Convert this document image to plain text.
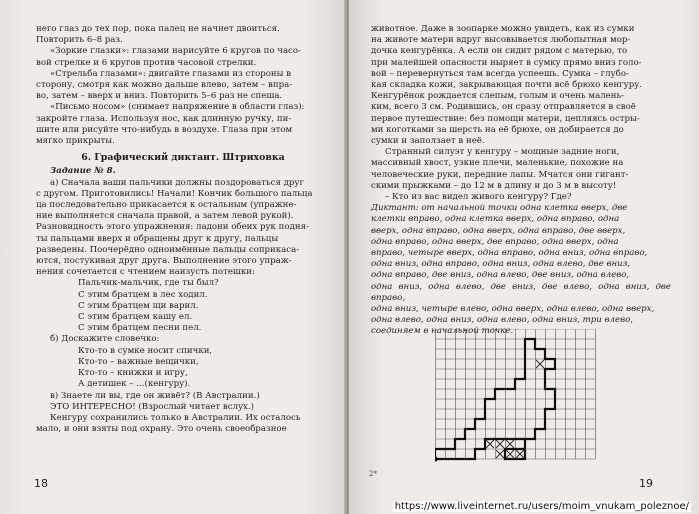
него глаз до тех пор, пока палец не начнет двоиться.

Повторить 6–8 раз.

«Зоркие глазки»: глазами нарисуйте 6 кругов по часо-

вой стрелке и 6 кругов против часовой стрелки.

«Стрельба глазами»: двигайте глазами из стороны в

сторону, смотря как можно дальше влево, затем – впра-

во, затем – вверх и вниз. Повторить 5–6 раз не спеша.

«Письмо носом» (снимает напряжение в области глаз):

закройте глаза. Используя нос, как длинную ручку, пи-

шите или рисуйте что-нибудь в воздухе. Глаза при этом

мягко прикрыты.

6. Графический диктант. Штриховка

Задание № 8.

а) Сначала ваши пальчики должны поздороваться друг

с другом. Приготовились! Начали! Кончик большого пальца

ца последовательно прикасается к остальным (упражне-

ние выполняется сначала правой, а затем левой рукой).

Разновидность этого упражнения: ладони обеих рук подня-

ты пальцами вверх и обращены друг к другу, пальцы

разведены. Поочерёдно одноимённые пальцы соприкаса-

ются, постукивая друг друга. Выполнение этого упраж-

нения сочетается с чтением наизусть потешки:

Пальчик-мальчик, где ты был?

С этим братцем в лес ходил.

С этим братцем щи варил.

С этим братцем кашу ел.

С этим братцем песни пел.

б) Доскажите словечко:

Кто-то в сумке носит спички,

Кто-то – важные вещички,

Кто-то – книжки и игру,

А детишек – ...(кенгуру).

в) Знаете ли вы, где он живёт? (В Австралии.)

ЭТО ИНТЕРЕСНО! (Взрослый читает вслух.)

Кенгуру сохранились только в Австралии. Их осталось

мало, и они взяты под охрану. Это очень своеобразное

18

животное. Даже в зоопарке можно увидеть, как из сумки

на животе матери вдруг высовывается любопытная мор-

дочка кенгурёнка. А если он сидит рядом с матерью, то

при малейшей опасности ныряет в сумку прямо вниз голо-

вой – перевернуться там всегда успеешь. Сумка – глубо-

кая складка кожи, закрывающая почти всё брюхо кенгуру.

Кенгурёнок рождается слепым, голым и очень малень-

ким, всего 3 см. Родившись, он сразу отправляется в своё

первое путешествие: без помощи матери, цепляясь остры-

ми коготками за шерсть на её брюхе, он добирается до

сумки и заползает в неё.

Странный силуэт у кенгуру – мощные задние ноги,

массивный хвост, узкие плечи, маленькие, похожие на

человеческие руки, передние лапы. Мчатся они гигант-

скими прыжками – до 12 м в длину и до 3 м в высоту!

– Кто из вас видел живого кенгуру? Где?

Диктант: от начальной точки одна клетка вверх, две

клетки вправо, одна клетка вверх, одна вправо, одна

вверх, одна вправо, одна вверх, одна вправо, две вверх,

одна вправо, одна вверх, две вправо, одна вверх, одна

вправо, четыре вверх, одна вправо, одна вниз, одна вправо,

одна вниз, одна вправо, одна вниз, одна влево, две вниз,

одна вправо, две вниз, одна влево, две вниз, одна влево,

одна вниз, одна влево, две вниз, две влево, одна вниз, две вправо,

одна вниз, четыре влево, одна вверх, одна влево, одна вверх,

одна влево, одна вниз, одна влево, одна вниз, три влево,

соединяем в начальной точке.

2*
19
https://www.liveinternet.ru/users/moim_vnukam_poleznoe/
